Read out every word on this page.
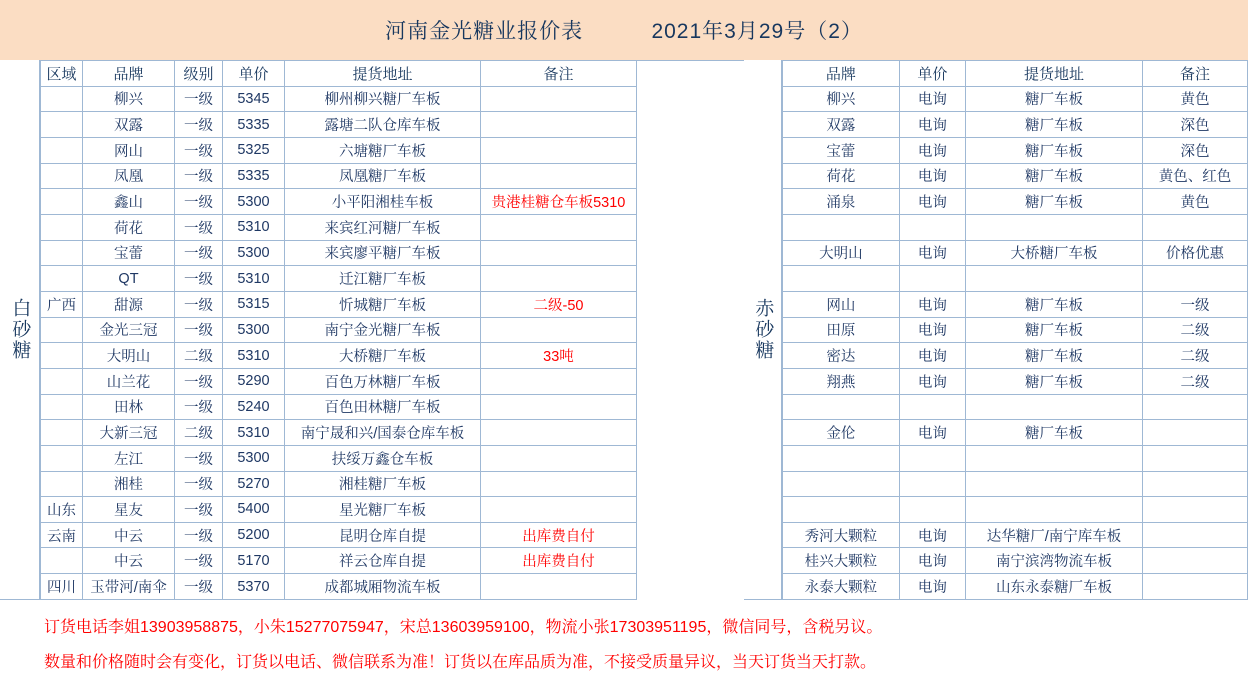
河南金光糖业报价表          2021年3月29号（2）
白砂糖
区域	品牌	级别	单价	提货地址	备注
	柳兴	一级	5345	柳州柳兴糖厂车板	
	双露	一级	5335	露塘二队仓库车板	
	网山	一级	5325	六塘糖厂车板	
	凤凰	一级	5335	凤凰糖厂车板	
	鑫山	一级	5300	小平阳湘桂车板	贵港桂糖仓车板5310
	荷花	一级	5310	来宾红河糖厂车板	
	宝蕾	一级	5300	来宾廖平糖厂车板	
	QT	一级	5310	迁江糖厂车板	
广西	甜源	一级	5315	忻城糖厂车板	二级-50
	金光三冠	一级	5300	南宁金光糖厂车板	
	大明山	二级	5310	大桥糖厂车板	33吨
	山兰花	一级	5290	百色万林糖厂车板	
	田林	一级	5240	百色田林糖厂车板	
	大新三冠	二级	5310	南宁晟和兴/国泰仓库车板	
	左江	一级	5300	扶绥万鑫仓车板	
	湘桂	一级	5270	湘桂糖厂车板	
山东	星友	一级	5400	星光糖厂车板	
云南	中云	一级	5200	昆明仓库自提	出库费自付
	中云	一级	5170	祥云仓库自提	出库费自付
四川	玉带河/南伞	一级	5370	成都城厢物流车板	
赤砂糖
品牌	单价	提货地址	备注
柳兴	电询	糖厂车板	黄色
双露	电询	糖厂车板	深色
宝蕾	电询	糖厂车板	深色
荷花	电询	糖厂车板	黄色、红色
涌泉	电询	糖厂车板	黄色

大明山	电询	大桥糖厂车板	价格优惠

网山	电询	糖厂车板	一级
田原	电询	糖厂车板	二级
密达	电询	糖厂车板	二级
翔燕	电询	糖厂车板	二级

金伦	电询	糖厂车板	

秀河大颗粒	电询	达华糖厂/南宁库车板	
桂兴大颗粒	电询	南宁滨湾物流车板	
永泰大颗粒	电询	山东永泰糖厂车板	

订货电话李姐13903958875，小朱15277075947，宋总13603959100，物流小张17303951195，微信同号，含税另议。

数量和价格随时会有变化，订货以电话、微信联系为准！订货以在库品质为准，不接受质量异议，当天订货当天打款。
